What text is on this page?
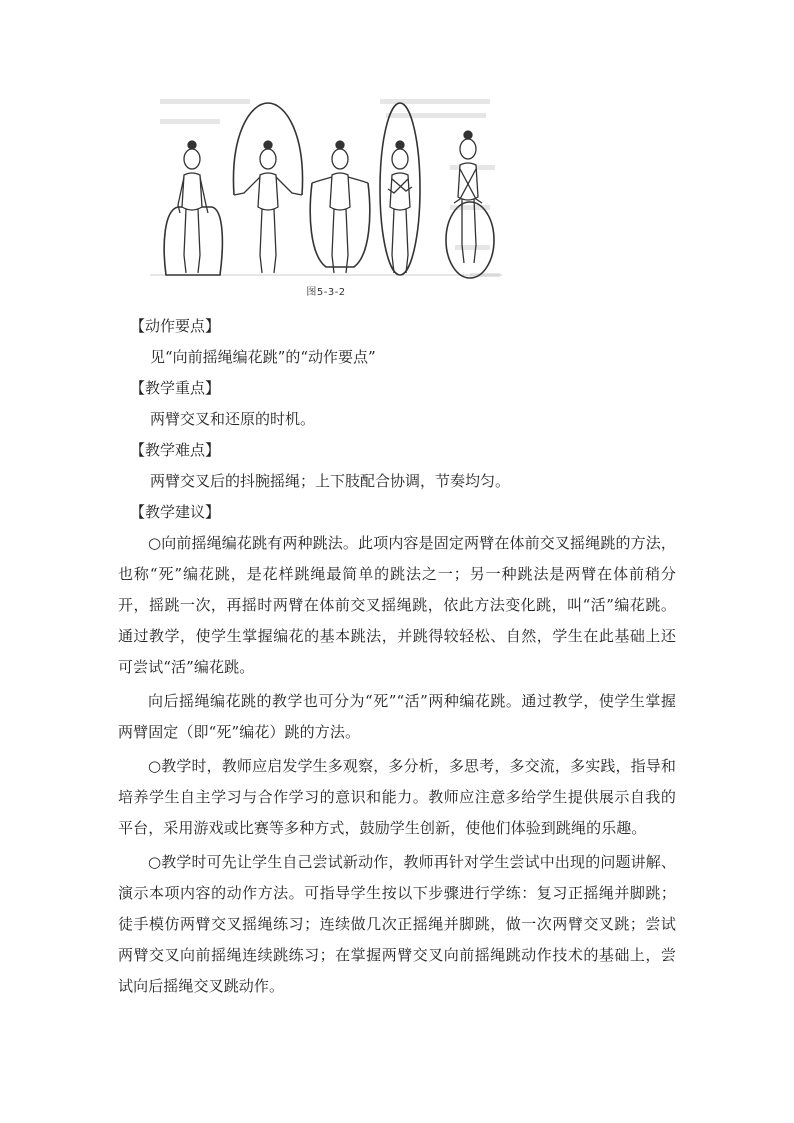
图5-3-2
【动作要点】
见“向前摇绳编花跳”的“动作要点”
【教学重点】
两臂交叉和还原的时机。
【教学难点】
两臂交叉后的抖腕摇绳；上下肢配合协调，节奏均匀。
【教学建议】

○向前摇绳编花跳有两种跳法。此项内容是固定两臂在体前交叉摇绳跳的方法，也称“死”编花跳，是花样跳绳最简单的跳法之一；另一种跳法是两臂在体前稍分开，摇跳一次，再摇时两臂在体前交叉摇绳跳，依此方法变化跳，叫“活”编花跳。通过教学，使学生掌握编花的基本跳法，并跳得较轻松、自然，学生在此基础上还可尝试“活”编花跳。

向后摇绳编花跳的教学也可分为“死”“活”两种编花跳。通过教学，使学生掌握两臂固定（即“死”编花）跳的方法。

○教学时，教师应启发学生多观察，多分析，多思考，多交流，多实践，指导和培养学生自主学习与合作学习的意识和能力。教师应注意多给学生提供展示自我的平台，采用游戏或比赛等多种方式，鼓励学生创新，使他们体验到跳绳的乐趣。

○教学时可先让学生自己尝试新动作，教师再针对学生尝试中出现的问题讲解、演示本项内容的动作方法。可指导学生按以下步骤进行学练：复习正摇绳并脚跳；徒手模仿两臂交叉摇绳练习；连续做几次正摇绳并脚跳，做一次两臂交叉跳；尝试两臂交叉向前摇绳连续跳练习；在掌握两臂交叉向前摇绳跳动作技术的基础上，尝试向后摇绳交叉跳动作。
